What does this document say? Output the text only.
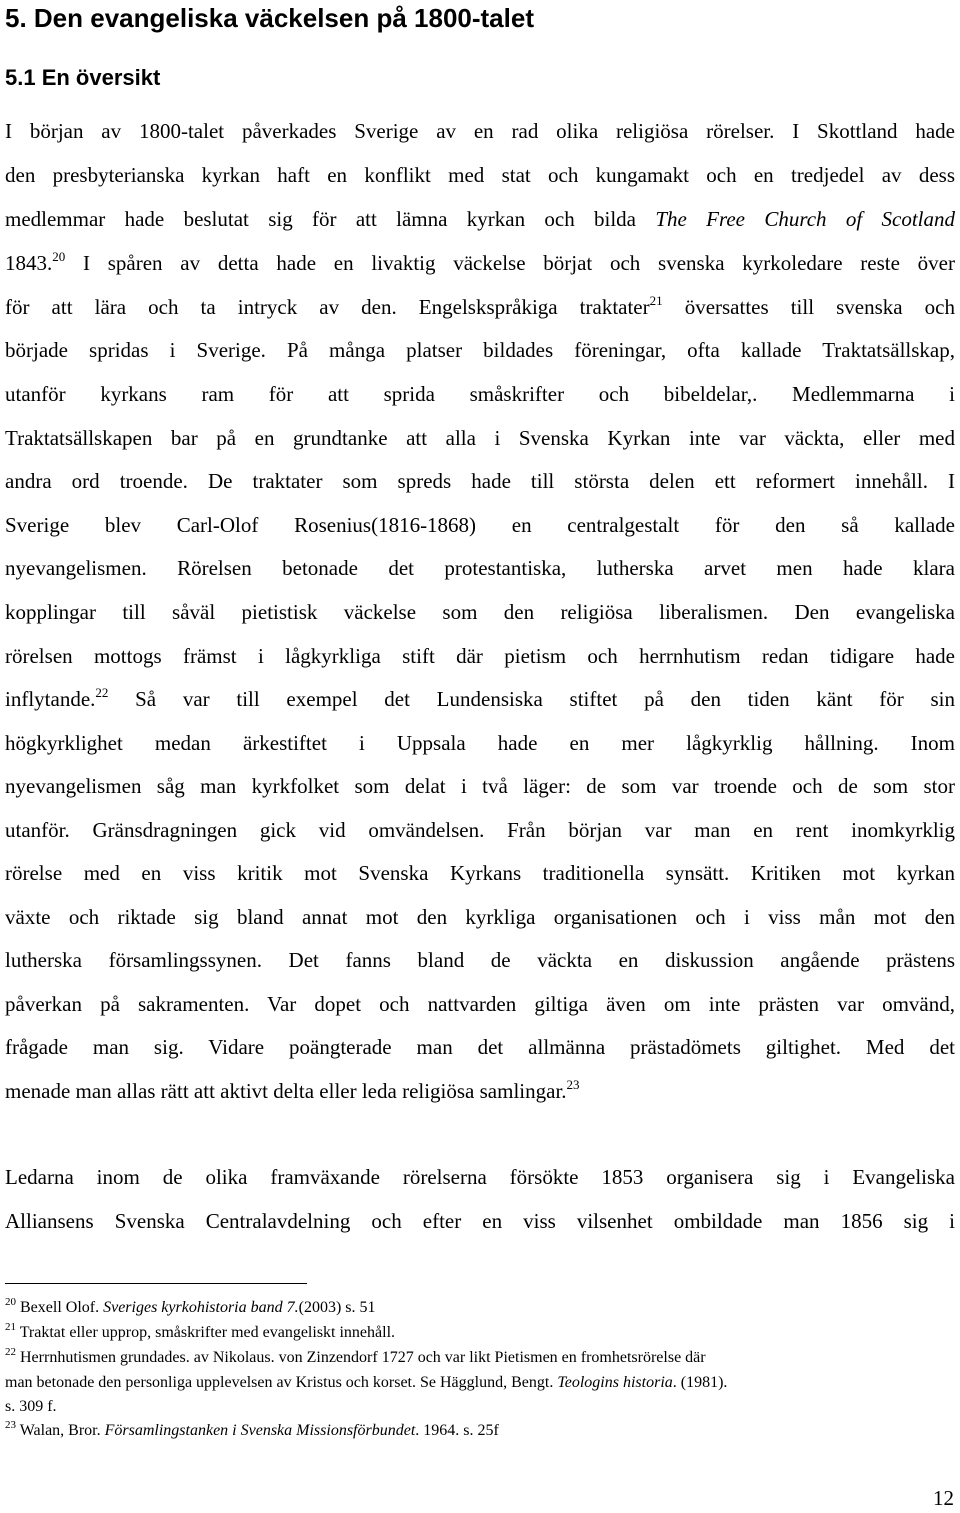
5. Den evangeliska väckelsen på 1800-talet
5.1 En översikt
I början av 1800-talet påverkades Sverige av en rad olika religiösa rörelser. I Skottland hade
den presbyterianska kyrkan haft en konflikt med stat och kungamakt och en tredjedel av dess
medlemmar hade beslutat sig för att lämna kyrkan och bilda The Free Church of Scotland
1843.20 I spåren av detta hade en livaktig väckelse börjat och svenska kyrkoledare reste över
för att lära och ta intryck av den. Engelskspråkiga traktater$^{21}$ översattes till svenska och
började spridas i Sverige. På många platser bildades föreningar, ofta kallade Traktatsällskap,
utanför kyrkans ram för att sprida småskrifter och bibeldelar,. Medlemmarna i
Traktatsällskapen bar på en grundtanke att alla i Svenska Kyrkan inte var väckta, eller med
andra ord troende. De traktater som spreds hade till största delen ett reformert innehåll. I
Sverige blev Carl-Olof Rosenius(1816-1868) en centralgestalt för den så kallade
nyevangelismen. Rörelsen betonade det protestantiska, lutherska arvet men hade klara
kopplingar till såväl pietistisk väckelse som den religiösa liberalismen. Den evangeliska
rörelsen mottogs främst i lågkyrkliga stift där pietism och herrnhutism redan tidigare hade
inflytande.$^{22}$ Så var till exempel det Lundensiska stiftet på den tiden känt för sin
högkyrklighet medan ärkestiftet i Uppsala hade en mer lågkyrklig hållning. Inom
nyevangelismen såg man kyrkfolket som delat i två läger: de som var troende och de som stor
utanför. Gränsdragningen gick vid omvändelsen. Från början var man en rent inomkyrklig
rörelse med en viss kritik mot Svenska Kyrkans traditionella synsätt. Kritiken mot kyrkan
växte och riktade sig bland annat mot den kyrkliga organisationen och i viss mån mot den
lutherska församlingssynen. Det fanns bland de väckta en diskussion angående prästens
påverkan på sakramenten. Var dopet och nattvarden giltiga även om inte prästen var omvänd,
frågade man sig. Vidare poängterade man det allmänna prästadömets giltighet. Med det
menade man allas rätt att aktivt delta eller leda religiösa samlingar.$^{23}$
Ledarna inom de olika framväxande rörelserna försökte 1853 organisera sig i Evangeliska
Alliansens Svenska Centralavdelning och efter en viss vilsenhet ombildade man 1856 sig i
$^{20}$ Bexell Olof. Sveriges kyrkohistoria band 7.(2003) s. 51
$^{21}$ Traktat eller upprop, småskrifter med evangeliskt innehåll.
$^{22}$ Herrnhutismen grundades. av Nikolaus. von Zinzendorf 1727 och var likt Pietismen en fromhetsrörelse där
man betonade den personliga upplevelsen av Kristus och korset. Se Hägglund, Bengt. Teologins historia. (1981).
s. 309 f.
$^{23}$ Walan, Bror. Församlingstanken i Svenska Missionsförbundet. 1964. s. 25f
12
